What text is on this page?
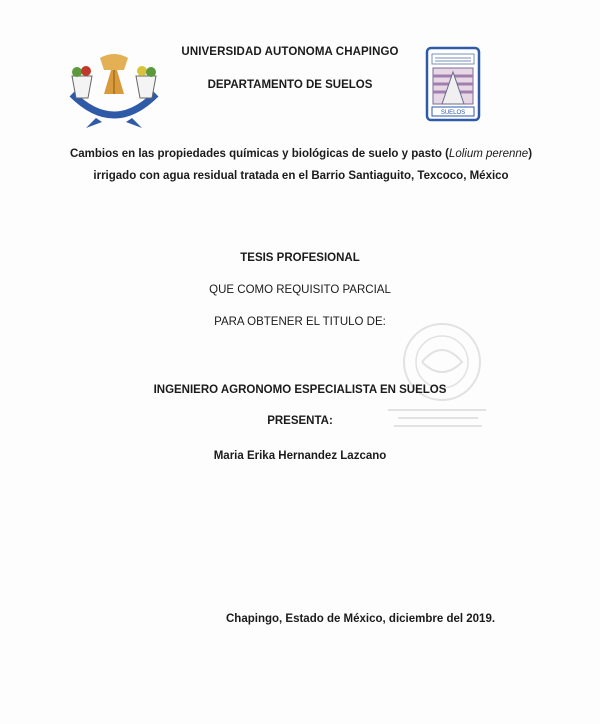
SUELOS
UNIVERSIDAD AUTONOMA CHAPINGO
DEPARTAMENTO DE SUELOS
Cambios en las propiedades químicas y biológicas de suelo y pasto (Lolium perenne) irrigado con agua residual tratada en el Barrio Santiaguito, Texcoco, México
TESIS PROFESIONAL
QUE COMO REQUISITO PARCIAL
PARA OBTENER EL TITULO DE:
INGENIERO AGRONOMO ESPECIALISTA EN SUELOS
PRESENTA:
Maria Erika Hernandez Lazcano
Chapingo, Estado de México, diciembre del 2019.
